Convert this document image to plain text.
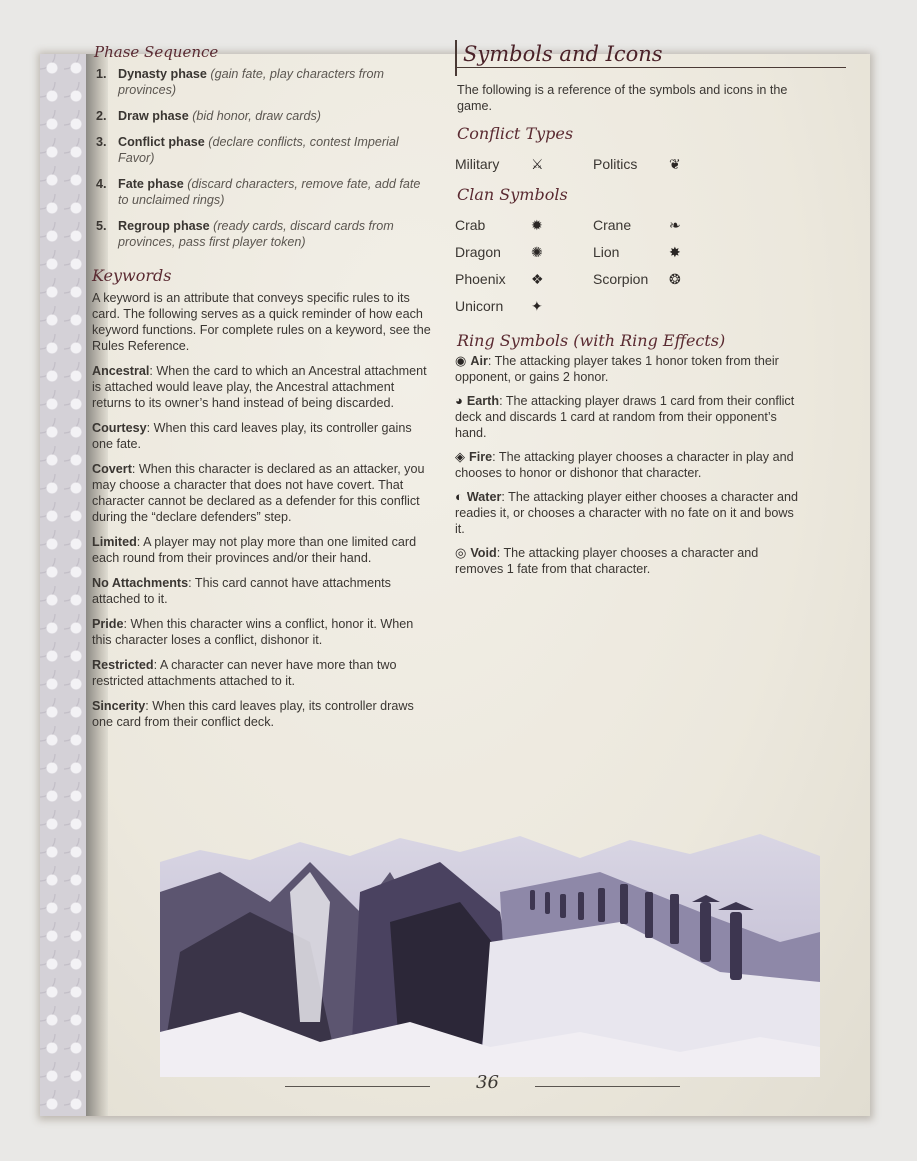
Phase Sequence
1. Dynasty phase (gain fate, play characters from provinces)
2. Draw phase (bid honor, draw cards)
3. Conflict phase (declare conflicts, contest Imperial Favor)
4. Fate phase (discard characters, remove fate, add fate to unclaimed rings)
5. Regroup phase (ready cards, discard cards from provinces, pass first player token)
Keywords

A keyword is an attribute that conveys specific rules to its card. The following serves as a quick reminder of how each keyword functions. For complete rules on a keyword, see the Rules Reference.

Ancestral: When the card to which an Ancestral attachment is attached would leave play, the Ancestral attachment returns to its owner’s hand instead of being discarded.

Courtesy: When this card leaves play, its controller gains one fate.

Covert: When this character is declared as an attacker, you may choose a character that does not have covert. That character cannot be declared as a defender for this conflict during the “declare defenders” step.

Limited: A player may not play more than one limited card each round from their provinces and/or their hand.

No Attachments: This card cannot have attachments attached to it.

Pride: When this character wins a conflict, honor it. When this character loses a conflict, dishonor it.

Restricted: A character can never have more than two restricted attachments attached to it.

Sincerity: When this card leaves play, its controller draws one card from their conflict deck.

Symbols and Icons

The following is a reference of the symbols and icons in the game.

Conflict Types
Military	⚔	Politics	❦
Clan Symbols
Crab	✹	Crane	❧
Dragon	✺	Lion	✸
Phoenix	❖	Scorpion	❂
Unicorn	✦
Ring Symbols (with Ring Effects)

◉ Air: The attacking player takes 1 honor token from their opponent, or gains 2 honor.

◕ Earth: The attacking player draws 1 card from their conflict deck and discards 1 card at random from their opponent’s hand.

◈ Fire: The attacking player chooses a character in play and chooses to honor or dishonor that character.

◐ Water: The attacking player either chooses a character and readies it, or chooses a character with no fate on it and bows it.

◎ Void: The attacking player chooses a character and removes 1 fate from that character.

36
